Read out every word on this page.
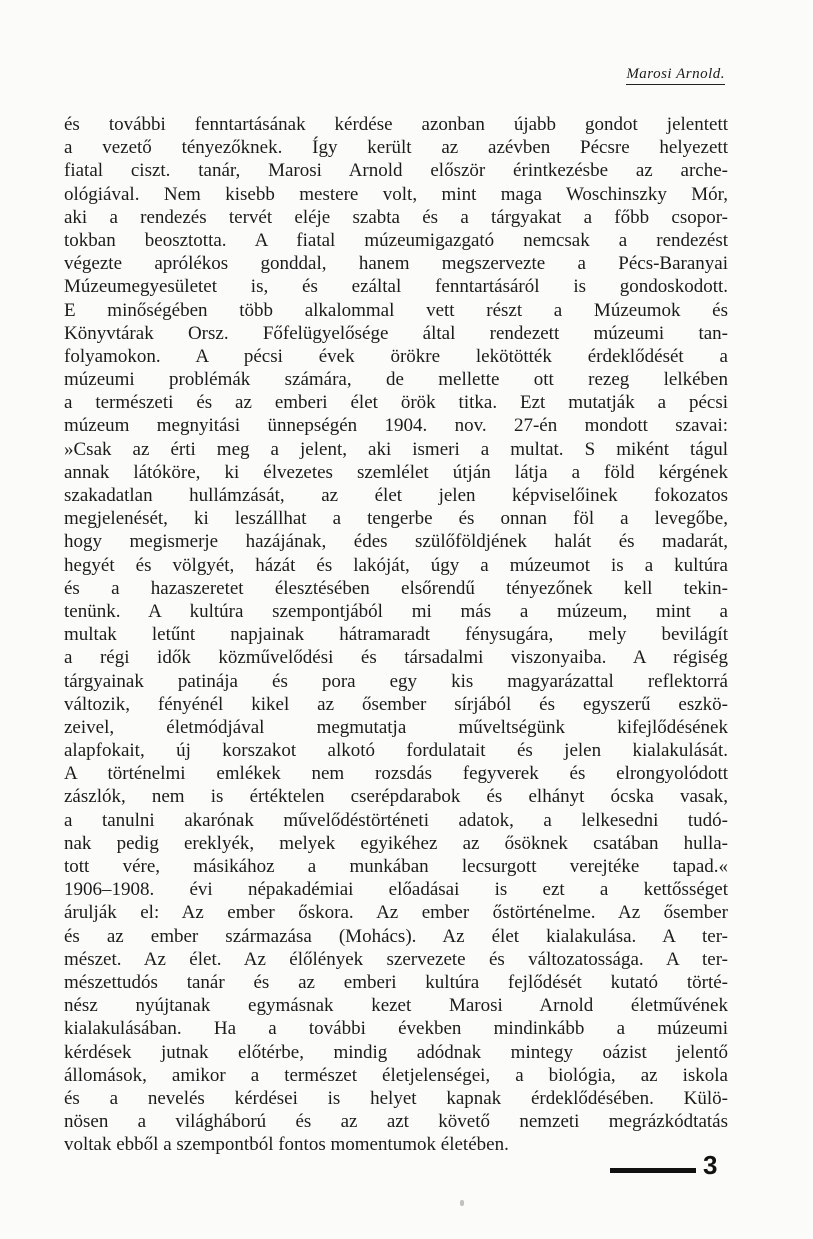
Marosi Arnold.
és további fenntartásának kérdése azonban újabb gondot jelentett
a vezető tényezőknek. Így került az azévben Pécsre helyezett
fiatal ciszt. tanár, Marosi Arnold először érintkezésbe az arche-
ológiával. Nem kisebb mestere volt, mint maga Woschinszky Mór,
aki a rendezés tervét eléje szabta és a tárgyakat a főbb csopor-
tokban beosztotta. A fiatal múzeumigazgató nemcsak a rendezést
végezte aprólékos gonddal, hanem megszervezte a Pécs-Baranyai
Múzeumegyesületet is, és ezáltal fenntartásáról is gondoskodott.
E minőségében több alkalommal vett részt a Múzeumok és
Könyvtárak Orsz. Főfelügyelősége által rendezett múzeumi tan-
folyamokon. A pécsi évek örökre lekötötték érdeklődését a
múzeumi problémák számára, de mellette ott rezeg lelkében
a természeti és az emberi élet örök titka. Ezt mutatják a pécsi
múzeum megnyitási ünnepségén 1904. nov. 27-én mondott szavai:
»Csak az érti meg a jelent, aki ismeri a multat. S miként tágul
annak látóköre, ki élvezetes szemlélet útján látja a föld kérgének
szakadatlan hullámzását, az élet jelen képviselőinek fokozatos
megjelenését, ki leszállhat a tengerbe és onnan föl a levegőbe,
hogy megismerje hazájának, édes szülőföldjének halát és madarát,
hegyét és völgyét, házát és lakóját, úgy a múzeumot is a kultúra
és a hazaszeretet élesztésében elsőrendű tényezőnek kell tekin-
tenünk. A kultúra szempontjából mi más a múzeum, mint a
multak letűnt napjainak hátramaradt fénysugára, mely bevilágít
a régi idők közművelődési és társadalmi viszonyaiba. A régiség
tárgyainak patinája és pora egy kis magyarázattal reflektorrá
változik, fényénél kikel az ősember sírjából és egyszerű eszkö-
zeivel, életmódjával megmutatja műveltségünk kifejlődésének
alapfokait, új korszakot alkotó fordulatait és jelen kialakulását.
A történelmi emlékek nem rozsdás fegyverek és elrongyolódott
zászlók, nem is értéktelen cserépdarabok és elhányt ócska vasak,
a tanulni akarónak művelődéstörténeti adatok, a lelkesedni tudó-
nak pedig ereklyék, melyek egyikéhez az ősöknek csatában hulla-
tott vére, másikához a munkában lecsurgott verejtéke tapad.«
1906–1908. évi népakadémiai előadásai is ezt a kettősséget
árulják el: Az ember őskora. Az ember őstörténelme. Az ősember
és az ember származása (Mohács). Az élet kialakulása. A ter-
mészet. Az élet. Az élőlények szervezete és változatossága. A ter-
mészettudós tanár és az emberi kultúra fejlődését kutató törté-
nész nyújtanak egymásnak kezet Marosi Arnold életművének
kialakulásában. Ha a további években mindinkább a múzeumi
kérdések jutnak előtérbe, mindig adódnak mintegy oázist jelentő
állomások, amikor a természet életjelenségei, a biológia, az iskola
és a nevelés kérdései is helyet kapnak érdeklődésében. Külö-
nösen a világháború és az azt követő nemzeti megrázkódtatás
voltak ebből a szempontból fontos momentumok életében.
3
